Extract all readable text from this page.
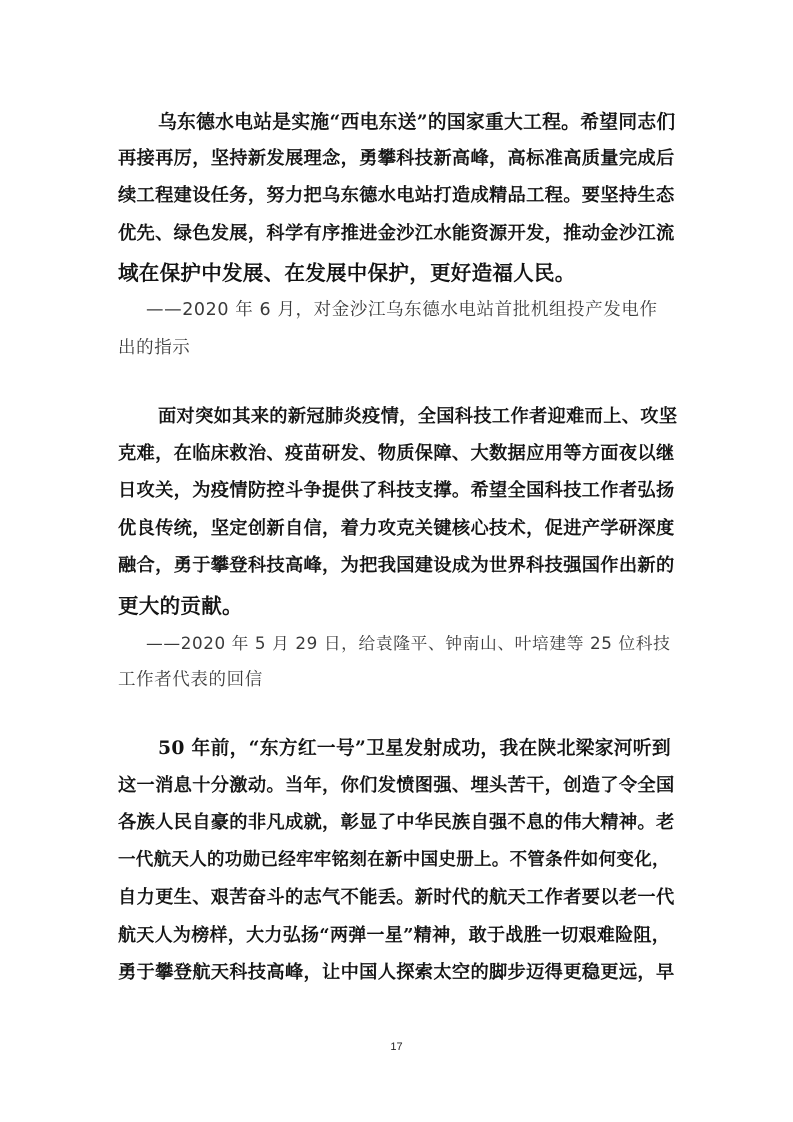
乌东德水电站是实施“西电东送”的国家重大工程。希望同志们
再接再厉，坚持新发展理念，勇攀科技新高峰，高标准高质量完成后
续工程建设任务，努力把乌东德水电站打造成精品工程。要坚持生态
优先、绿色发展，科学有序推进金沙江水能资源开发，推动金沙江流
域在保护中发展、在发展中保护，更好造福人民。
——2020 年 6 月，对金沙江乌东德水电站首批机组投产发电作
出的指示
面对突如其来的新冠肺炎疫情，全国科技工作者迎难而上、攻坚
克难，在临床救治、疫苗研发、物质保障、大数据应用等方面夜以继
日攻关，为疫情防控斗争提供了科技支撑。希望全国科技工作者弘扬
优良传统，坚定创新自信，着力攻克关键核心技术，促进产学研深度
融合，勇于攀登科技高峰，为把我国建设成为世界科技强国作出新的
更大的贡献。
——2020 年 5 月 29 日，给袁隆平、钟南山、叶培建等 25 位科技
工作者代表的回信
50 年前，“东方红一号”卫星发射成功，我在陕北梁家河听到
这一消息十分激动。当年，你们发愤图强、埋头苦干，创造了令全国
各族人民自豪的非凡成就，彰显了中华民族自强不息的伟大精神。老
一代航天人的功勋已经牢牢铭刻在新中国史册上。不管条件如何变化，
自力更生、艰苦奋斗的志气不能丢。新时代的航天工作者要以老一代
航天人为榜样，大力弘扬“两弹一星”精神，敢于战胜一切艰难险阻，
勇于攀登航天科技高峰，让中国人探索太空的脚步迈得更稳更远，早
17
